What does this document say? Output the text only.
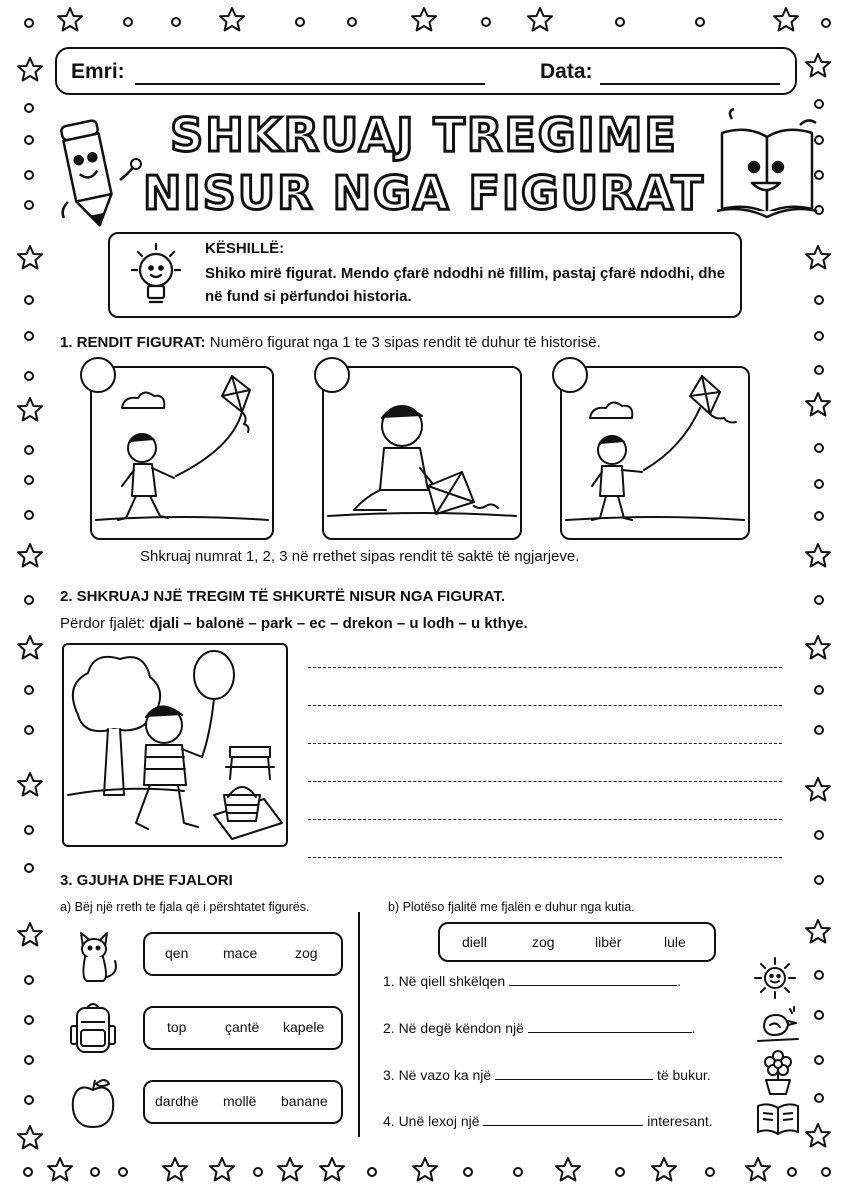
Emri:	Data:
SHKRUAJ TREGIME
NISUR NGA FIGURAT
KËSHILLË:
Shiko mirë figurat. Mendo çfarë ndodhi në fillim, pastaj çfarë ndodhi, dhe në fund si përfundoi historia.
1. RENDIT FIGURAT: Numëro figurat nga 1 te 3 sipas rendit të duhur të historisë.
Shkruaj numrat 1, 2, 3 në rrethet sipas rendit të saktë të ngjarjeve.
2. SHKRUAJ NJË TREGIM TË SHKURTË NISUR NGA FIGURAT.
Përdor fjalët: djali – balonë – park – ec – drekon – u lodh – u kthye.
3. GJUHA DHE FJALORI
a) Bëj një rreth te fjala që i përshtatet figurës.	b) Plotëso fjalitë me fjalën e duhur nga kutia.
qen mace	zog
top	çantë kapele
dardhë mollë banane
diell	zog	libër	lule
1. Në qiell shkëlqen	.
2. Në degë këndon një	.
3. Në vazo ka një	të bukur.
4. Unë lexoj një	interesant.
